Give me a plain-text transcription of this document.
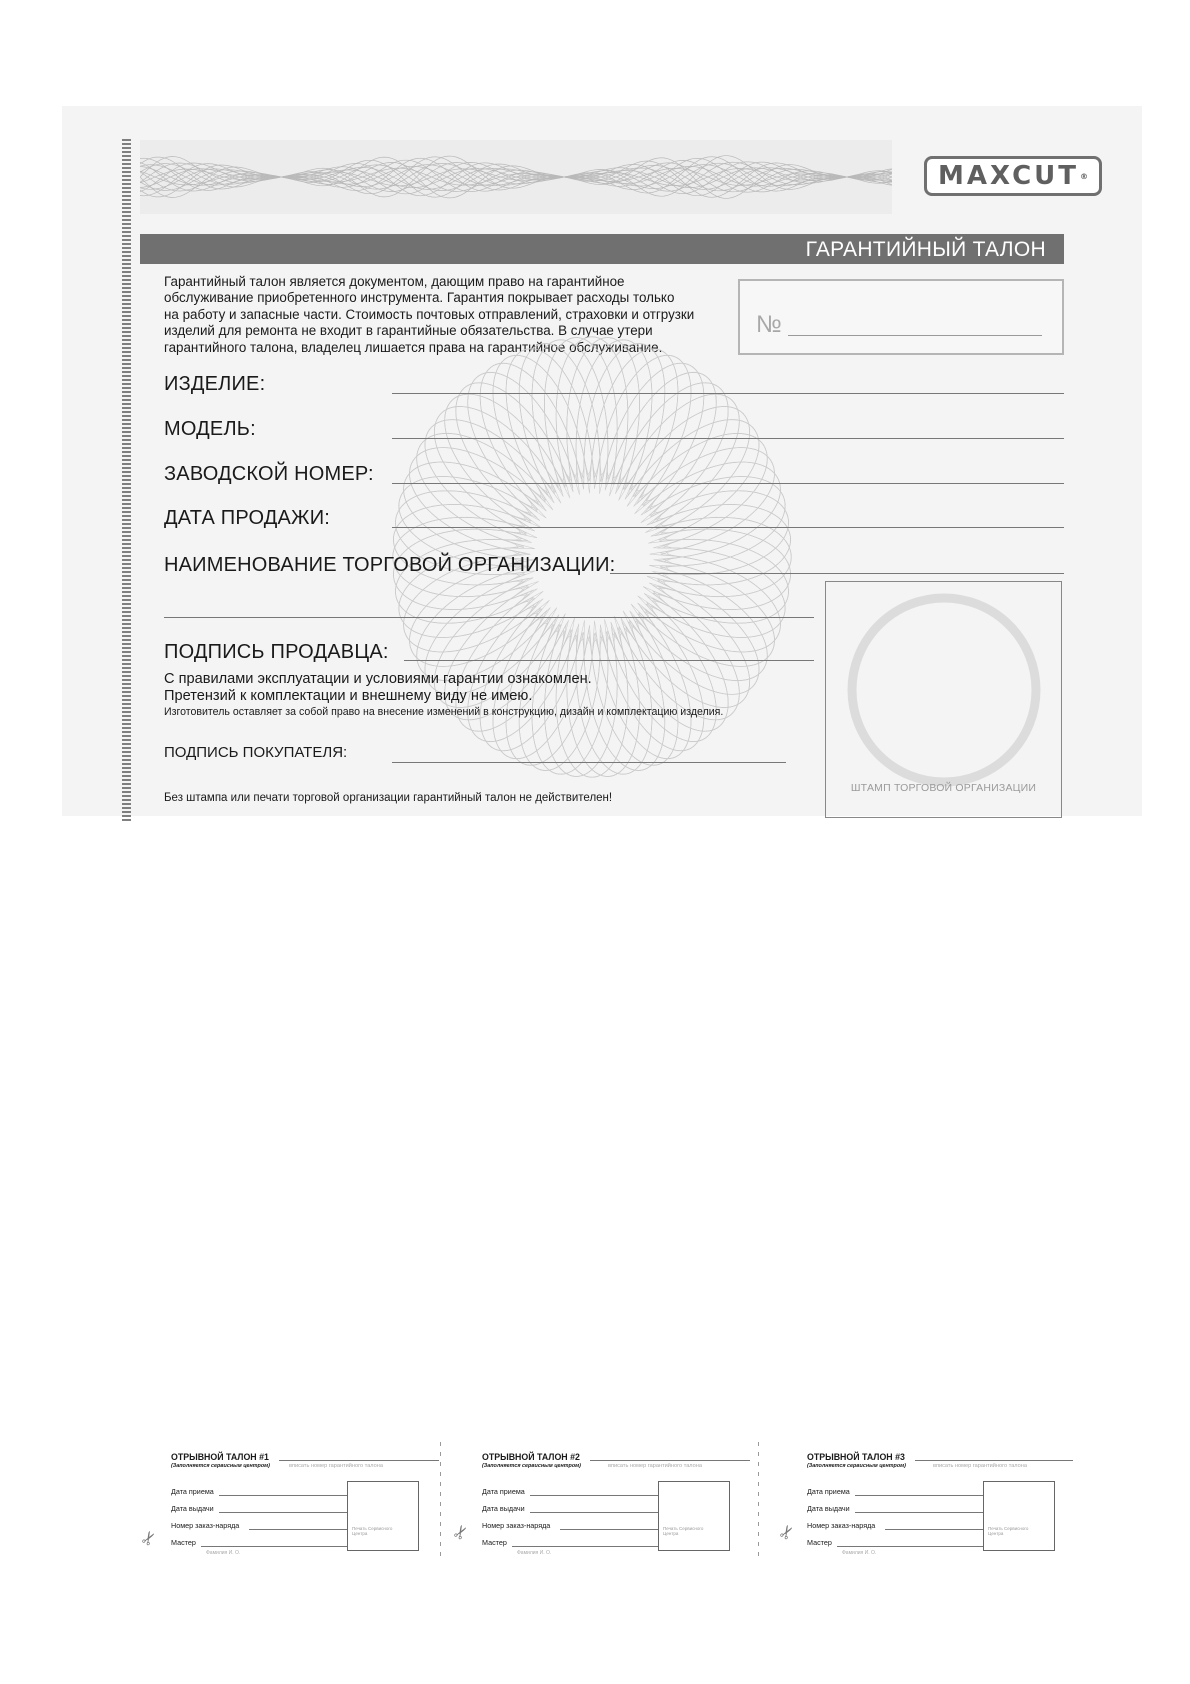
MAXCUT ®
ГАРАНТИЙНЫЙ ТАЛОН
Гарантийный талон является документом, дающим право на гарантийное
обслуживание приобретенного инструмента. Гарантия покрывает расходы только
на работу и запасные части. Стоимость почтовых отправлений, страховки и отгрузки
изделий для ремонта не входит в гарантийные обязательства. В случае утери
гарантийного талона, владелец лишается права на гарантийное обслуживание.
№
ИЗДЕЛИЕ:
МОДЕЛЬ:
ЗАВОДСКОЙ НОМЕР:
ДАТА ПРОДАЖИ:
НАИМЕНОВАНИЕ ТОРГОВОЙ ОРГАНИЗАЦИИ:
ШТАМП ТОРГОВОЙ ОРГАНИЗАЦИИ
ПОДПИСЬ ПРОДАВЦА:
С правилами эксплуатации и условиями гарантии ознакомлен.
Претензий к комплектации и внешнему виду не имею.
Изготовитель оставляет за собой право на внесение изменений в конструкцию, дизайн и комплектацию изделия.
ПОДПИСЬ ПОКУПАТЕЛЯ:
Без штампа или печати торговой организации гарантийный талон не действителен!
ОТРЫВНОЙ ТАЛОН #1
(Заполняется сервисным центром)	вписать номер гарантийного талона
Дата приема
Дата выдачи
Номер заказ-наряда
Мастер
Фамилия И. О.
Печать Сервисного Центра
✂
ОТРЫВНОЙ ТАЛОН #2
(Заполняется сервисным центром)	вписать номер гарантийного талона
Дата приема
Дата выдачи
Номер заказ-наряда
Мастер
Фамилия И. О.
Печать Сервисного Центра
✂
ОТРЫВНОЙ ТАЛОН #3
(Заполняется сервисным центром)	вписать номер гарантийного талона
Дата приема
Дата выдачи
Номер заказ-наряда
Мастер
Фамилия И. О.
Печать Сервисного Центра
✂
